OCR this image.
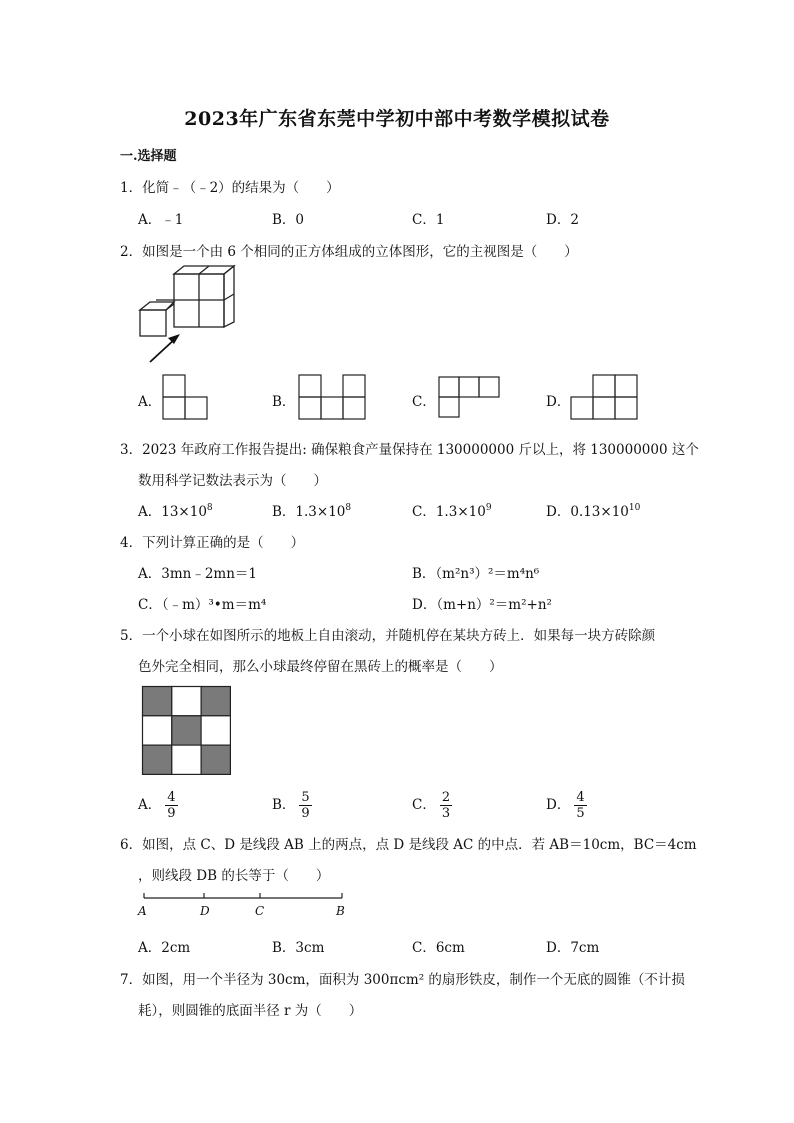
2023年广东省东莞中学初中部中考数学模拟试卷
一.选择题
1．化简﹣（﹣2）的结果为（　　）
A．﹣1	B．0	C．1	D．2
2．如图是一个由 6 个相同的正方体组成的立体图形，它的主视图是（　　）
A．	B．	C．	D．
3．2023 年政府工作报告提出: 确保粮食产量保持在 130000000 斤以上，将 130000000 这个
数用科学记数法表示为（　　）
A．$13\times 10^8$	B．$1.3\times 10^8$	C．$1.3\times 10^9$	D．$0.13\times 10^{10}$
4．下列计算正确的是（　　）
A．3mn﹣2mn＝1	B．（m²n³）²＝m⁴n⁶
C．（﹣m）³•m＝m⁴	D．（m+n）²＝m²+n²
5．一个小球在如图所示的地板上自由滚动，并随机停在某块方砖上．如果每一块方砖除颜
色外完全相同，那么小球最终停留在黑砖上的概率是（　　）
A． $\frac{4}{9}$	B． $\frac{5}{9}$	C． $\frac{2}{3}$	D． $\frac{4}{5}$
6．如图，点 C、D 是线段 AB 上的两点，点 D 是线段 AC 的中点．若 AB＝10cm，BC＝4cm
，则线段 DB 的长等于（　　）
A	D	C	B
A．2cm	B．3cm	C．6cm	D．7cm
7．如图，用一个半径为 30cm，面积为 300πcm² 的扇形铁皮，制作一个无底的圆锥（不计损
耗），则圆锥的底面半径 r 为（　　）
